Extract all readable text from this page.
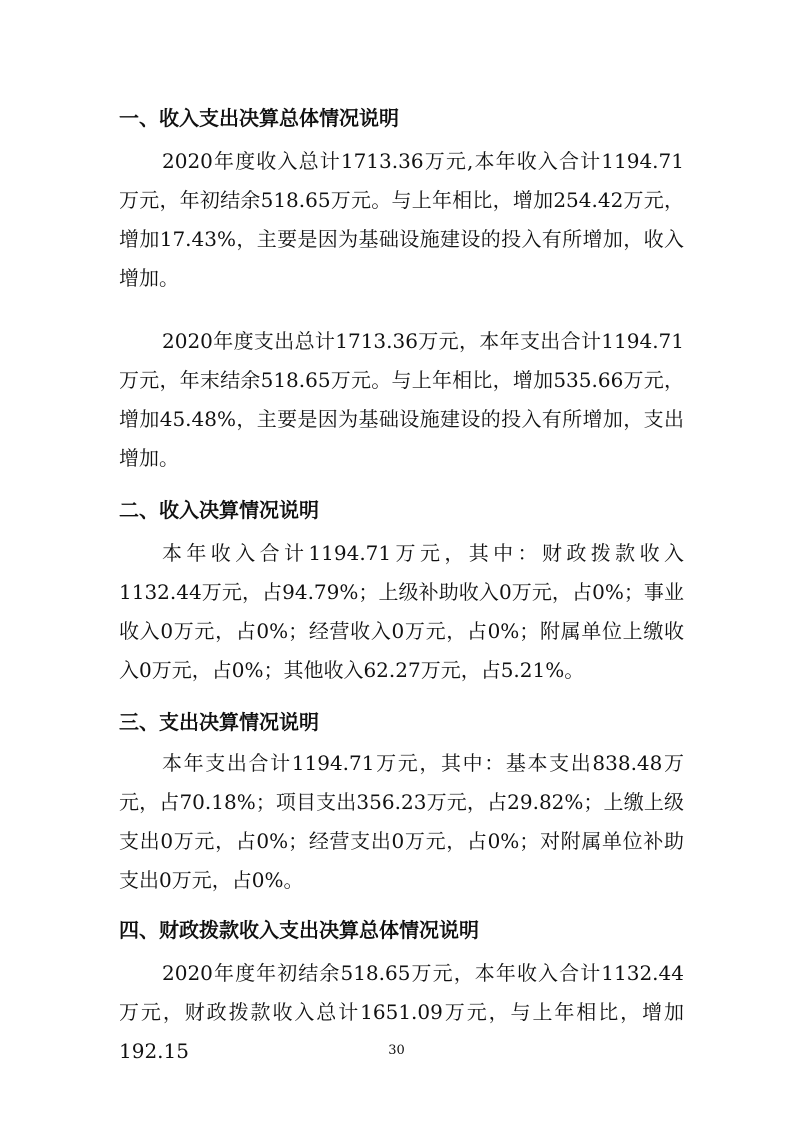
一、收入支出决算总体情况说明

2020年度收入总计1713.36万元,本年收入合计1194.71万元，年初结余518.65万元。与上年相比，增加254.42万元，增加17.43%，主要是因为基础设施建设的投入有所增加，收入增加。

2020年度支出总计1713.36万元，本年支出合计1194.71万元，年末结余518.65万元。与上年相比，增加535.66万元，增加45.48%，主要是因为基础设施建设的投入有所增加，支出增加。

二、收入决算情况说明

本年收入合计1194.71万元，其中：财政拨款收入1132.44万元，占94.79%；上级补助收入0万元，占0%；事业收入0万元，占0%；经营收入0万元，占0%；附属单位上缴收入0万元，占0%；其他收入62.27万元，占5.21%。

三、支出决算情况说明

本年支出合计1194.71万元，其中：基本支出838.48万元，占70.18%；项目支出356.23万元，占29.82%；上缴上级支出0万元，占0%；经营支出0万元，占0%；对附属单位补助支出0万元，占0%。

四、财政拨款收入支出决算总体情况说明

2020年度年初结余518.65万元，本年收入合计1132.44万元，财政拨款收入总计1651.09万元，与上年相比，增加192.15	30
